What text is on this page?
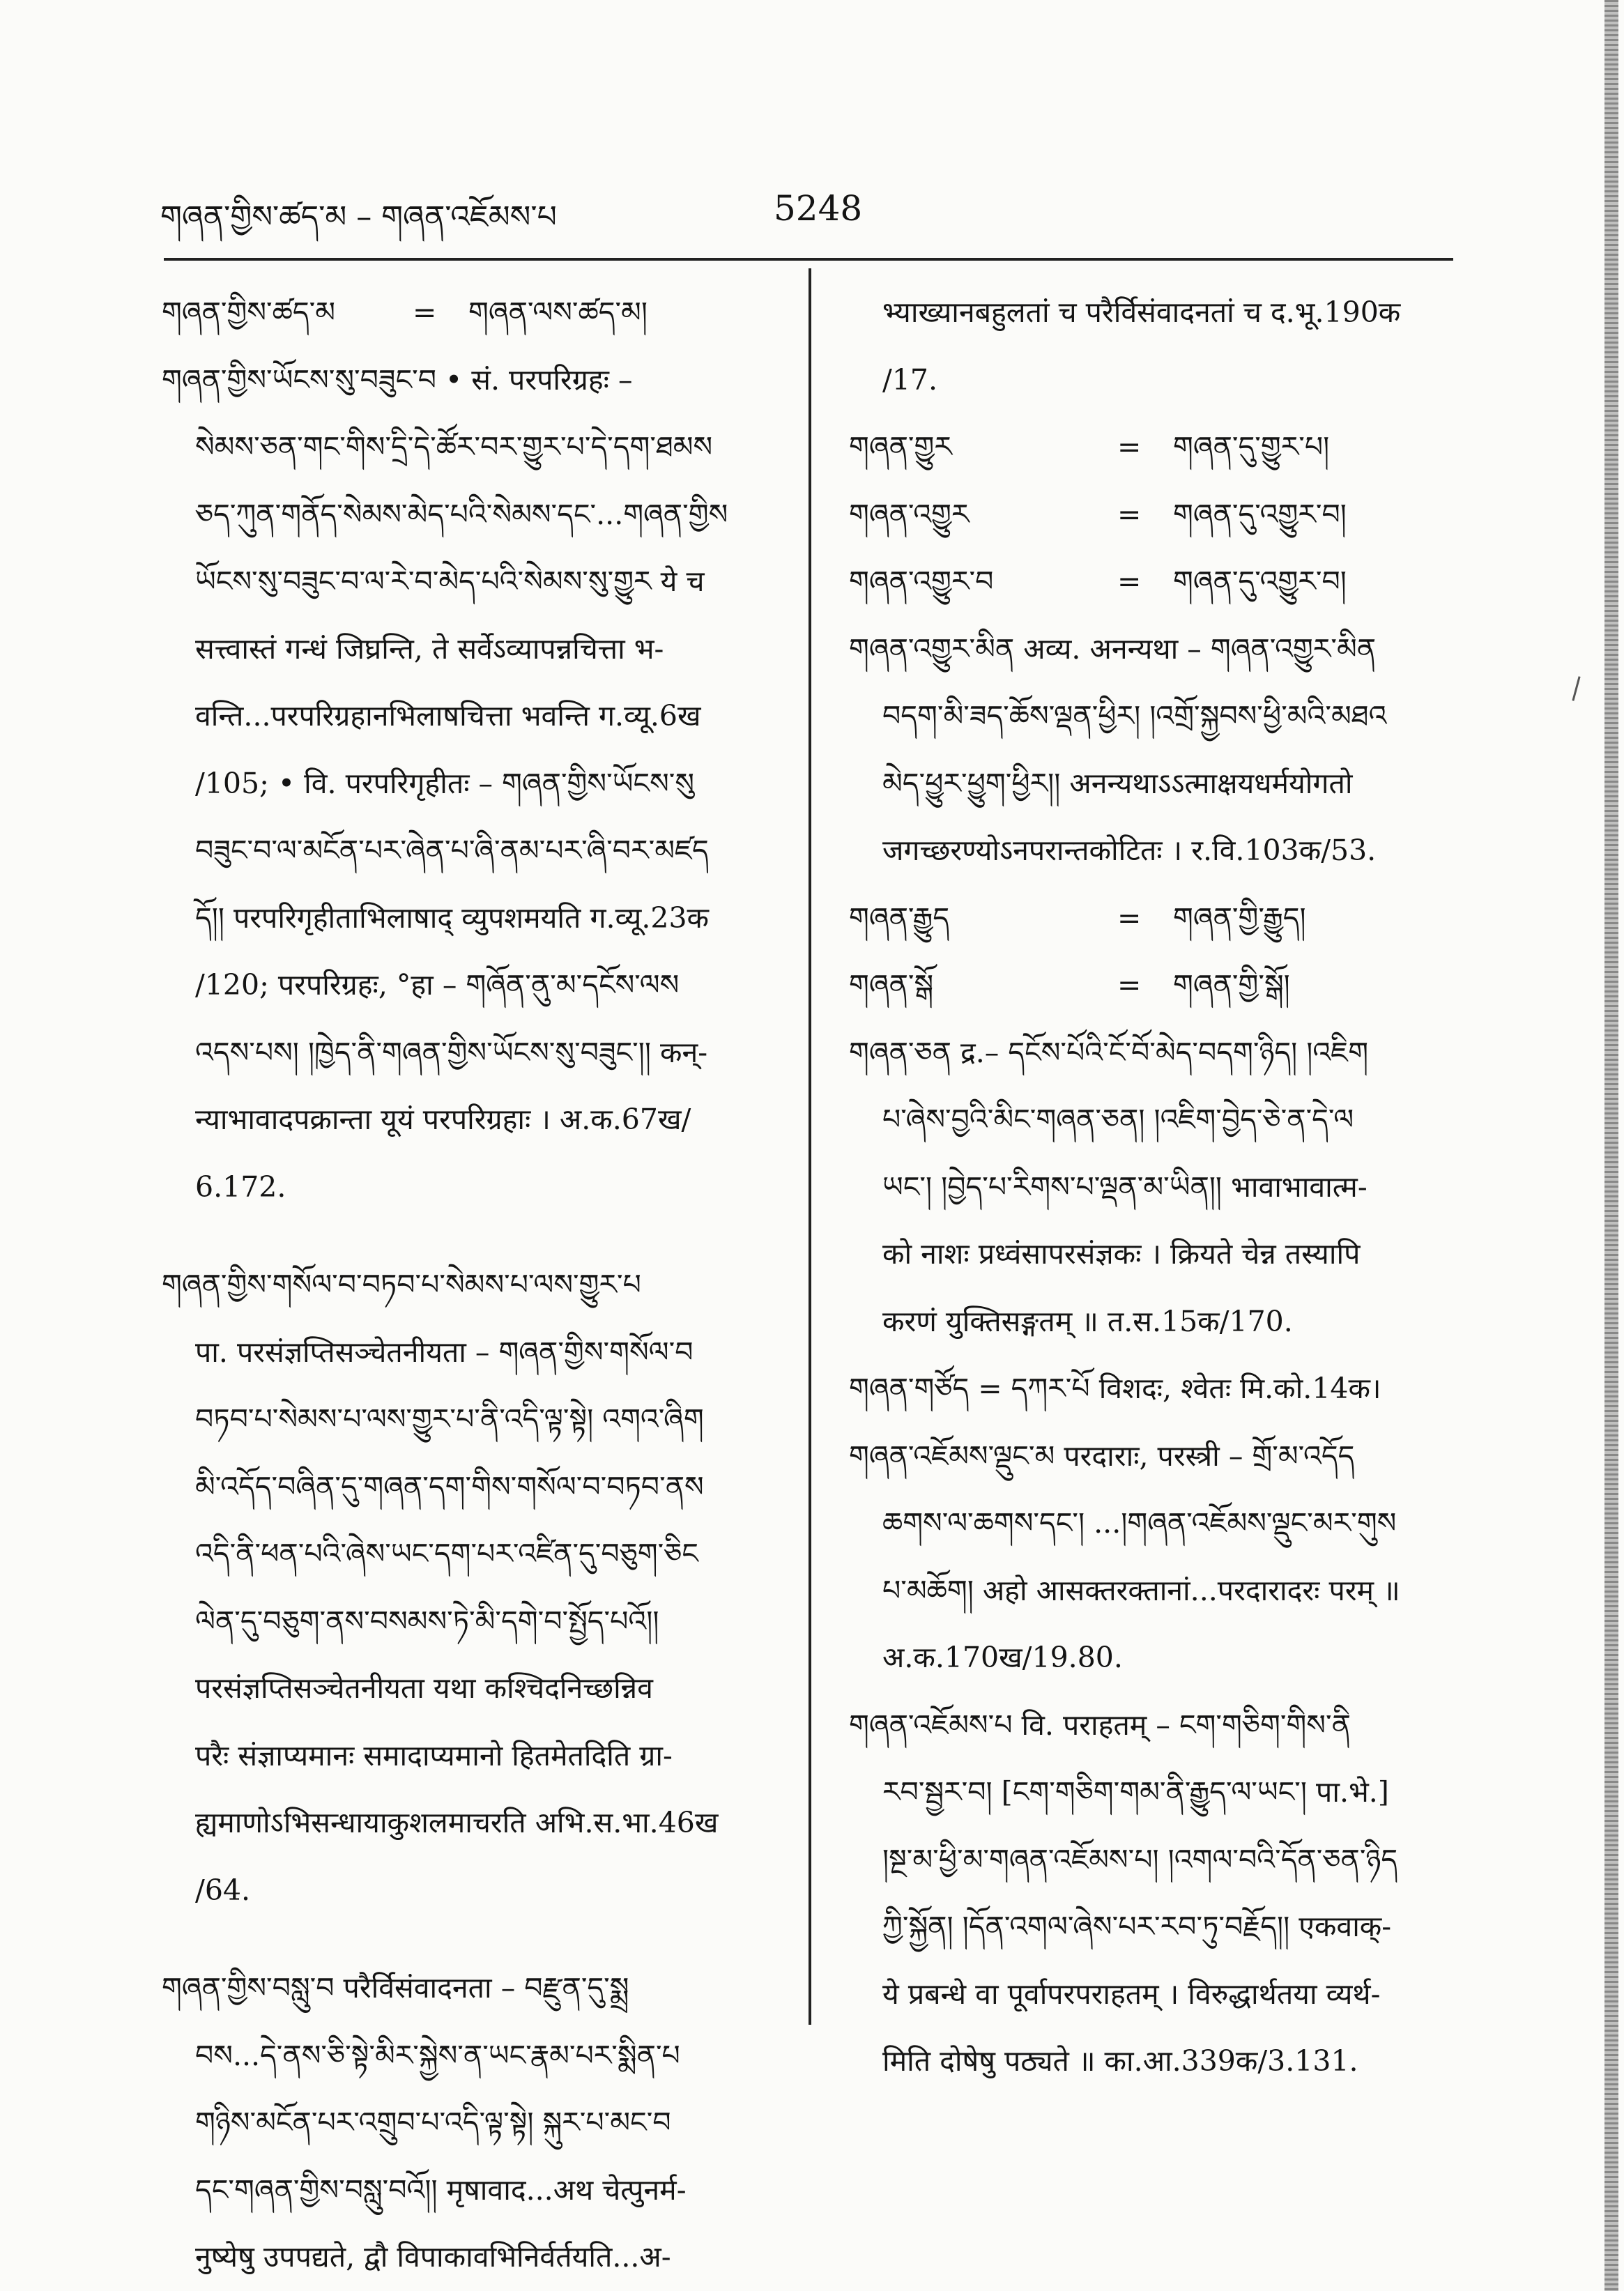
གཞན་གྱིས་ཚད་མ – གཞན་འཇོམས་པ	5248
གཞན་གྱིས་ཚད་མ	=	གཞན་ལས་ཚད་མ།
གཞན་གྱིས་ཡོངས་སུ་བཟུང་བ • सं. परपरिग्रहः –
སེམས་ཅན་གང་གིས་དྲི་དེ་ཚོར་བར་གྱུར་པ་དེ་དག་ཐམས
ཅད་ཀུན་གནོད་སེམས་མེད་པའི་སེམས་དང་...གཞན་གྱིས
ཡོངས་སུ་བཟུང་བ་ལ་རེ་བ་མེད་པའི་སེམས་སུ་གྱུར ये च
सत्त्वास्तं गन्धं जिघ्रन्ति, ते सर्वेऽव्यापन्नचित्ता भ-
वन्ति...परपरिग्रहानभिलाषचित्ता भवन्ति ग.व्यू.6ख
/105; • वि. परपरिगृहीतः – གཞན་གྱིས་ཡོངས་སུ
བཟུང་བ་ལ་མངོན་པར་ཞེན་པ་ཞི་ནམ་པར་ཞི་བར་མཛད
དོ།། परपरिगृहीताभिलाषाद् व्युपशमयति ग.व्यू.23क
/120; परपरिग्रहः, °हा – གཞོན་ནུ་མ་དངོས་ལས
འདས་པས། །ཁྱེད་ནི་གཞན་གྱིས་ཡོངས་སུ་བཟུང་།། कन्-
न्याभावादपक्रान्ता यूयं परपरिग्रहाः । अ.क.67ख/
6.172.
གཞན་གྱིས་གསོལ་བ་བཏབ་པ་སེམས་པ་ལས་གྱུར་པ
पा. परसंज्ञप्तिसञ्चेतनीयता – གཞན་གྱིས་གསོལ་བ
བཏབ་པ་སེམས་པ་ལས་གྱུར་པ་ནི་འདི་ལྟ་སྟེ། འགའ་ཞིག
མི་འདོད་བཞིན་དུ་གཞན་དག་གིས་གསོལ་བ་བཏབ་ནས
འདི་ནི་ཕན་པའི་ཞེས་ཡང་དག་པར་འཛིན་དུ་བཅུག་ཅིང
ལེན་དུ་བཅུག་ནས་བསམས་ཏེ་མི་དགེ་བ་སྤྱོད་པའོ།།
परसंज्ञप्तिसञ्चेतनीयता यथा कश्चिदनिच्छन्निव
परैः संज्ञाप्यमानः समादाप्यमानो हितमेतदिति ग्रा-
ह्यमाणोऽभिसन्धायाकुशलमाचरति अभि.स.भा.46ख
/64.
གཞན་གྱིས་བསླུ་བ परैर्विसंवादनता – བརྫུན་དུ་སྨྲ
བས...དེ་ནས་ཅི་སྟེ་མིར་སྐྱེས་ན་ཡང་རྣམ་པར་སྨིན་པ
གཉིས་མངོན་པར་འགྲུབ་པ་འདི་ལྟ་སྟེ། སྐུར་པ་མང་བ
དང་གཞན་གྱིས་བསླུ་བའོ།། मृषावाद...अथ चेत्पुनर्म-
नुष्येषु उपपद्यते, द्वौ विपाकावभिनिर्वर्तयति...अ-
भ्याख्यानबहुलतां च परैर्विसंवादनतां च द.भू.190क
/17.
གཞན་གྱུར	=	གཞན་དུ་གྱུར་པ།
གཞན་འགྱུར	=	གཞན་དུ་འགྱུར་བ།
གཞན་འགྱུར་བ	=	གཞན་དུ་འགྱུར་བ།
གཞན་འགྱུར་མིན अव्य. अनन्यथा – གཞན་འགྱུར་མིན
བདག་མི་ཟད་ཆོས་ལྡན་ཕྱིར། །འགྲོ་སྐྱབས་ཕྱི་མའི་མཐའ
མེད་ཕྱུར་ཕྱུག་ཕྱིར།། अनन्यथाऽऽत्माक्षयधर्मयोगतो
जगच्छरण्योऽनपरान्तकोटितः । र.वि.103क/53.
གཞན་རྒྱུད	=	གཞན་གྱི་རྒྱུད།
གཞན་སྒོ	=	གཞན་གྱི་སྒོ།
གཞན་ཅན द्र.– དངོས་པོའི་ངོ་བོ་མེད་བདག་ཉིད། །འཇིག
པ་ཞེས་བྱའི་མིང་གཞན་ཅན། །འཇིག་བྱེད་ཅེ་ན་དེ་ལ
ཡང་། །བྱེད་པ་རིགས་པ་ལྡན་མ་ཡིན།། भावाभावात्म-
को नाशः प्रध्वंसापरसंज्ञकः । क्रियते चेन्न तस्यापि
करणं युक्तिसङ्गतम् ॥ त.स.15क/170.
གཞན་གཙོད = དཀར་པོ विशदः, श्वेतः मि.को.14क।
གཞན་འཇོམས་ལྡུང་མ परदाराः, परस्त्री – གྲོ་མ་འདོད
ཆགས་ལ་ཆགས་དང་། ...།གཞན་འཇོམས་ལྡུང་མར་གུས
པ་མཆོག། अहो आसक्तरक्तानां...परदारादरः परम् ॥
अ.क.170ख/19.80.
གཞན་འཇོམས་པ वि. पराहतम् – ངག་གཅིག་གིས་ནི
རབ་སྦྱར་བ། [ངག་གཅིག་གམ་ནི་རྒྱུད་ལ་ཡང་། पा.भे.]
།སྔ་མ་ཕྱི་མ་གཞན་འཇོམས་པ། །འགལ་བའི་དོན་ཅན་ཉིད
ཀྱི་སྐྱོན། །དོན་འགལ་ཞེས་པར་རབ་ཏུ་བརྗོད།། एकवाक्-
ये प्रबन्धे वा पूर्वापरपराहतम् । विरुद्धार्थतया व्यर्थ-
मिति दोषेषु पठ्यते ॥ का.आ.339क/3.131.
